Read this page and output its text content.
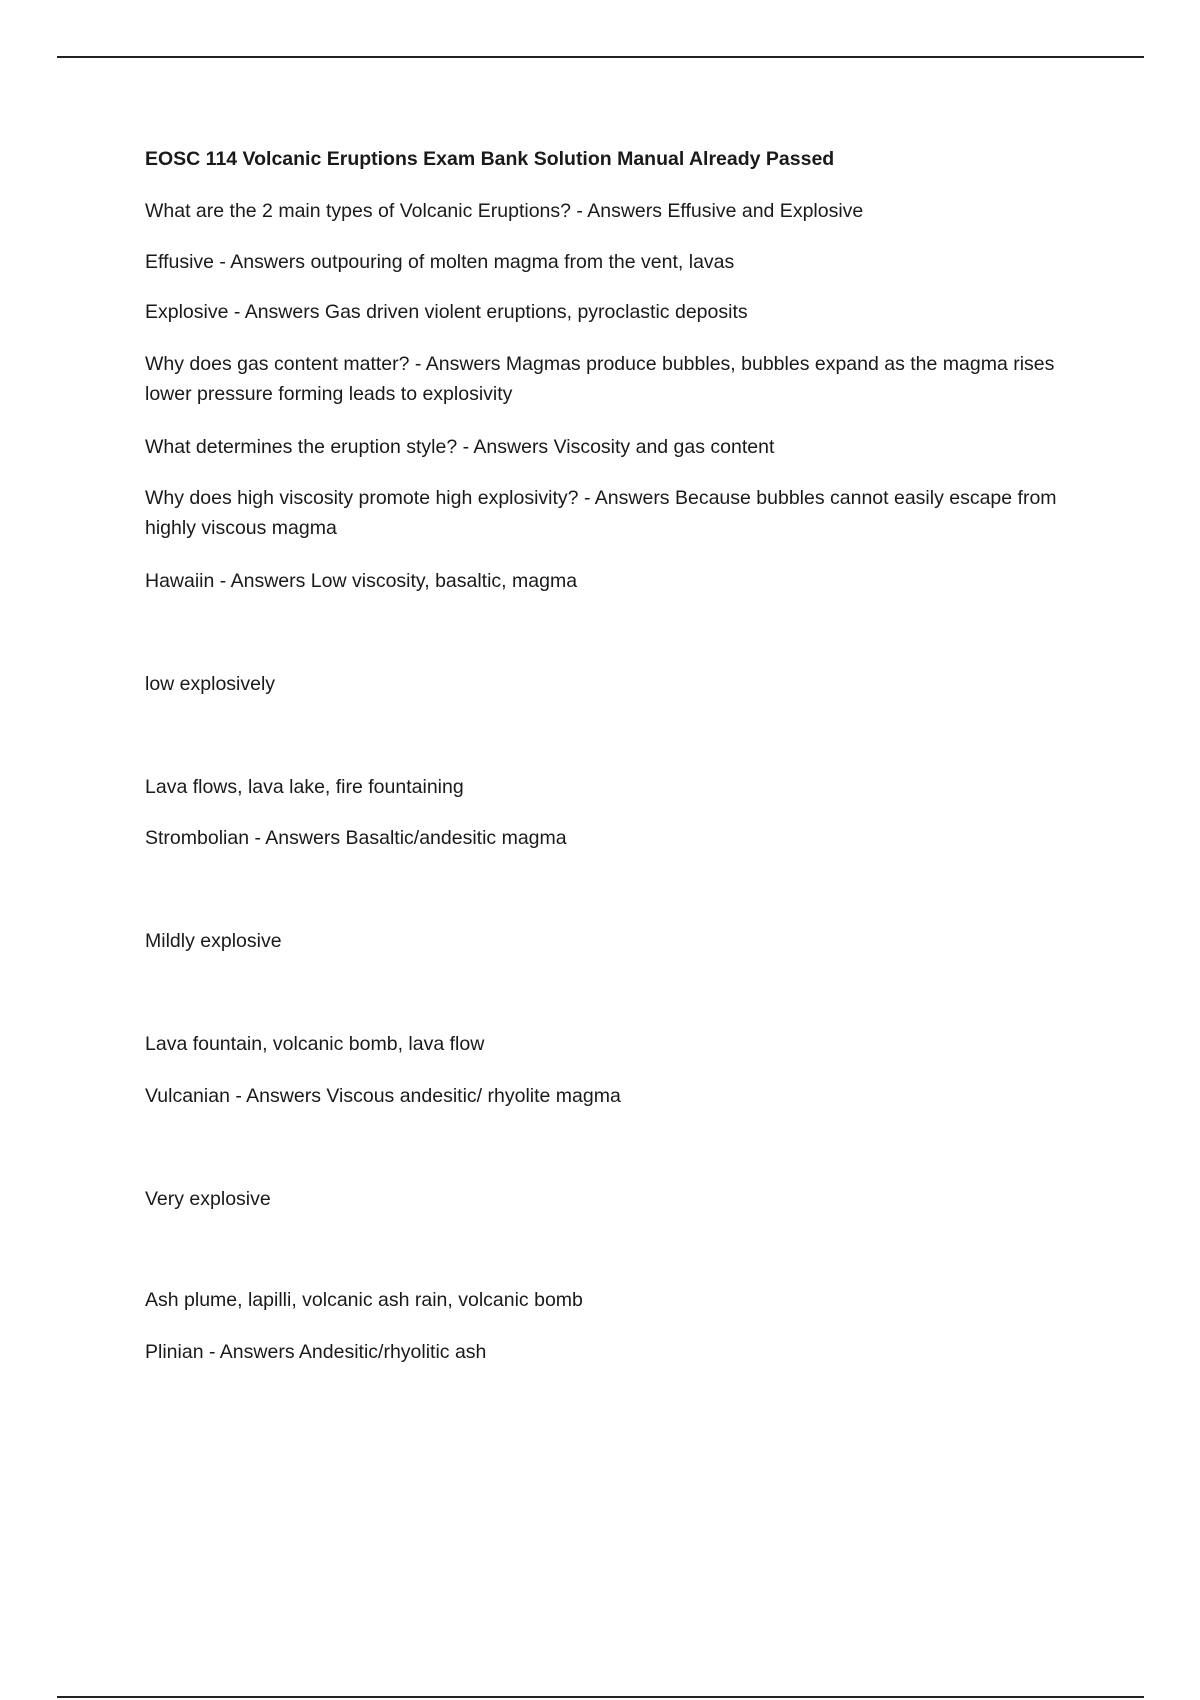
EOSC 114 Volcanic Eruptions Exam Bank Solution Manual Already Passed
What are the 2 main types of Volcanic Eruptions? - Answers Effusive and Explosive
Effusive - Answers outpouring of molten magma from the vent, lavas
Explosive - Answers Gas driven violent eruptions, pyroclastic deposits
Why does gas content matter? - Answers Magmas produce bubbles, bubbles expand as the magma rises lower pressure forming leads to explosivity
What determines the eruption style? - Answers Viscosity and gas content
Why does high viscosity promote high explosivity? - Answers Because bubbles cannot easily escape from highly viscous magma
Hawaiin - Answers Low viscosity, basaltic, magma
low explosively
Lava flows, lava lake, fire fountaining
Strombolian - Answers Basaltic/andesitic magma
Mildly explosive
Lava fountain, volcanic bomb, lava flow
Vulcanian - Answers Viscous andesitic/ rhyolite magma
Very explosive
Ash plume, lapilli, volcanic ash rain, volcanic bomb
Plinian - Answers Andesitic/rhyolitic ash
